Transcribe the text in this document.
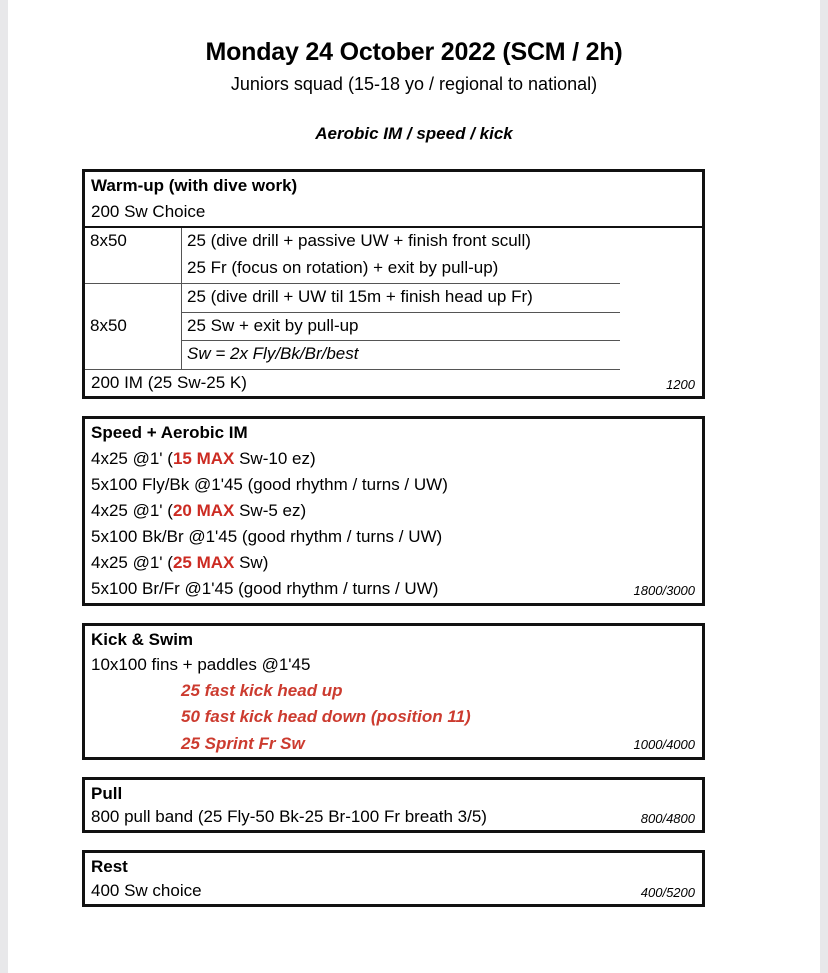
Monday 24 October 2022 (SCM / 2h)
Juniors squad (15-18 yo / regional to national)
Aerobic IM / speed / kick
Warm-up (with dive work)
200 Sw Choice
8x50	25 (dive drill + passive UW + finish front scull)
	25 Fr (focus on rotation) + exit by pull-up)
	25 (dive drill + UW til 15m + finish head up Fr)
8x50	25 Sw + exit by pull-up
	Sw = 2x Fly/Bk/Br/best
200 IM (25 Sw-25 K)	1200
Speed + Aerobic IM
4x25 @1' (15 MAX Sw-10 ez)
5x100 Fly/Bk @1'45 (good rhythm / turns / UW)
4x25 @1' (20 MAX Sw-5 ez)
5x100 Bk/Br @1'45 (good rhythm / turns / UW)
4x25 @1' (25 MAX Sw)
5x100 Br/Fr @1'45 (good rhythm / turns / UW)	1800/3000
Kick & Swim
10x100 fins + paddles @1'45
25 fast kick head up
50 fast kick head down (position 11)
25 Sprint Fr Sw	1000/4000
Pull
800 pull band (25 Fly-50 Bk-25 Br-100 Fr breath 3/5)	800/4800
Rest
400 Sw choice	400/5200
